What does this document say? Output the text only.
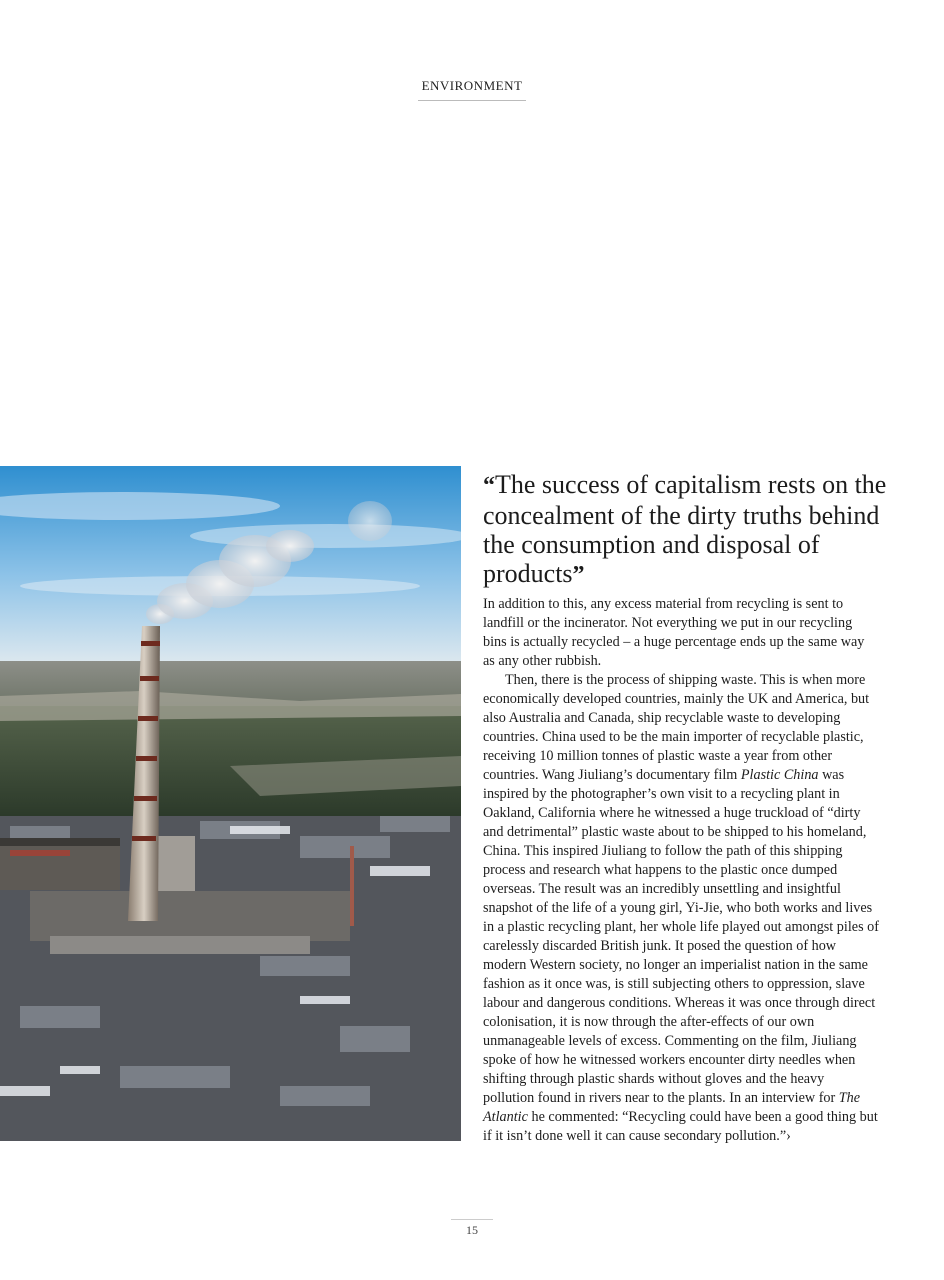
ENVIRONMENT
“The success of capitalism rests on the concealment of the dirty truths behind the consumption and disposal of products”

In addition to this, any excess material from recycling is sent to landfill or the incinerator. Not everything we put in our recycling bins is actually recycled – a huge percentage ends up the same way as any other rubbish.

Then, there is the process of shipping waste. This is when more economically developed countries, mainly the UK and America, but also Australia and Canada, ship recyclable waste to developing countries. China used to be the main importer of recyclable plastic, receiving 10 million tonnes of plastic waste a year from other countries. Wang Jiuliang’s documentary film Plastic China was inspired by the photographer’s own visit to a recycling plant in Oakland, California where he witnessed a huge truckload of “dirty and detrimental” plastic waste about to be shipped to his homeland, China. This inspired Jiuliang to follow the path of this shipping process and research what happens to the plastic once dumped overseas. The result was an incredibly unsettling and insightful snapshot of the life of a young girl, Yi-Jie, who both works and lives in a plastic recycling plant, her whole life played out amongst piles of carelessly discarded British junk. It posed the question of how modern Western society, no longer an imperialist nation in the same fashion as it once was, is still subjecting others to oppression, slave labour and dangerous conditions. Whereas it was once through direct colonisation, it is now through the after-effects of our own unmanageable levels of excess. Commenting on the film, Jiuliang spoke of how he witnessed workers encounter dirty needles when shifting through plastic shards without gloves and the heavy pollution found in rivers near to the plants. In an interview for The Atlantic he commented: “Recycling could have been a good thing but if it isn’t done well it can cause secondary pollution.”›

15
